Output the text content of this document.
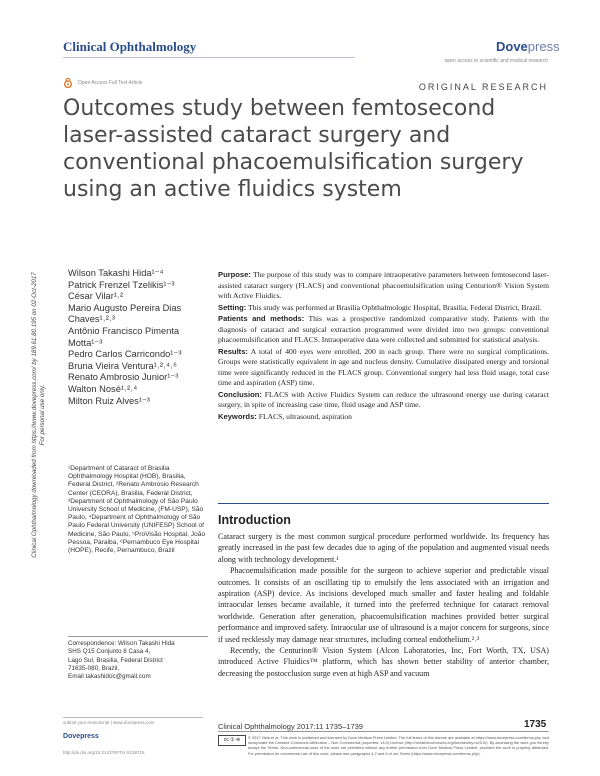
Clinical Ophthalmology	Dovepress
open access to scientific and medical research
Open Access Full Text Article	ORIGINAL RESEARCH
Outcomes study between femtosecond laser-assisted cataract surgery and conventional phacoemulsification surgery using an active fluidics system
Clinical Ophthalmology downloaded from https://www.dovepress.com/ by 189.61.80.195 on 02-Oct-2017 For personal use only.
Wilson Takashi Hida¹⁻⁴
Patrick Frenzel Tzelikis¹⁻³
César Vilar¹˒²
Mario Augusto Pereira Dias
Chaves¹˒²˒³
Antônio Francisco Pimenta
Motta¹⁻³
Pedro Carlos Carricondo¹⁻³
Bruna Vieira Ventura¹˒²˒⁴˒⁶
Renato Ambrosio Junior¹⁻³
Walton Nosé¹˒²˒⁴
Milton Ruiz Alves¹⁻³
¹Department of Cataract of Brasilia Ophthalmology Hospital (HOB), Brasilia, Federal District, ²Renato Ambrosio Research Center (CEORA), Brasilia, Federal District, ³Department of Ophthalmology of São Paulo University School of Medicine, (FM-USP), São Paulo, ⁴Department of Ophthalmology of São Paulo Federal University (UNIFESP) School of Medicine, São Paulo, ⁵ProVisão Hospital, João Pessoa, Paraiba, ⁶Pernambuco Eye Hospital (HOPE), Recife, Pernambuco, Brazil
Correspondence: Wilson Takashi Hida
SHS Q15 Conjunto 8 Casa 4,
Lago Sul, Brasilia, Federal District
71635-080, Brazil,
Email takashidoc@gmail.com

Purpose: The purpose of this study was to compare intraoperative parameters between femtosecond laser-assisted cataract surgery (FLACS) and conventional phacoemulsification using Centurion® Vision System with Active Fluidics.

Setting: This study was performed at Brasilia Ophthalmologic Hospital, Brasilia, Federal District, Brazil.

Patients and methods: This was a prospective randomized comparative study. Patients with the diagnosis of cataract and surgical extraction programmed were divided into two groups: conventional phacoemulsification and FLACS. Intraoperative data were collected and submitted for statistical analysis.

Results: A total of 400 eyes were enrolled, 200 in each group. There were no surgical complications. Groups were statistically equivalent in age and nucleus density. Cumulative dissipated energy and torsional time were significantly reduced in the FLACS group. Conventional surgery had less fluid usage, total case time and aspiration (ASP) time.

Conclusion: FLACS with Active Fluidics System can reduce the ultrasound energy use during cataract surgery, in spite of increasing case time, fluid usage and ASP time.

Keywords: FLACS, ultrasound, aspiration

Introduction

Cataract surgery is the most common surgical procedure performed worldwide. Its frequency has greatly increased in the past few decades due to aging of the population and augmented visual needs along with technology development.¹

Phacoemulsification made possible for the surgeon to achieve superior and predictable visual outcomes. It consists of an oscillating tip to emulsify the lens associated with an irrigation and aspiration (ASP) device. As incisions developed much smaller and faster healing and foldable intraocular lenses became available, it turned into the preferred technique for cataract removal worldwide. Generation after generation, phacoemulsification machines provided better surgical performance and improved safety. Intraocular use of ultrasound is a major concern for surgeons, since if used recklessly may damage near structures, including corneal endothelium.²˒³

Recently, the Centurion® Vision System (Alcon Laboratories, Inc, Fort Worth, TX, USA) introduced Active Fluidics™ platform, which has shown better stability of anterior chamber, decreasing the postocclusion surge even at high ASP and vacuum

submit your manuscript | www.dovepress.com
Dovepress
http://dx.doi.org/10.2147/OPTH.S138716
Clinical Ophthalmology 2017:11 1735–1739	1735
cc ① ⊜	© 2017 Hida et al. This work is published and licensed by Dove Medical Press Limited. The full terms of this license are available at https://www.dovepress.com/terms.php and incorporate the Creative Commons Attribution – Non Commercial (unported, v3.0) License (http://creativecommons.org/licenses/by-nc/3.0/). By accessing the work you hereby accept the Terms. Non-commercial uses of the work are permitted without any further permission from Dove Medical Press Limited, provided the work is properly attributed. For permission for commercial use of this work, please see paragraphs 4.2 and 5 of our Terms (https://www.dovepress.com/terms.php).
